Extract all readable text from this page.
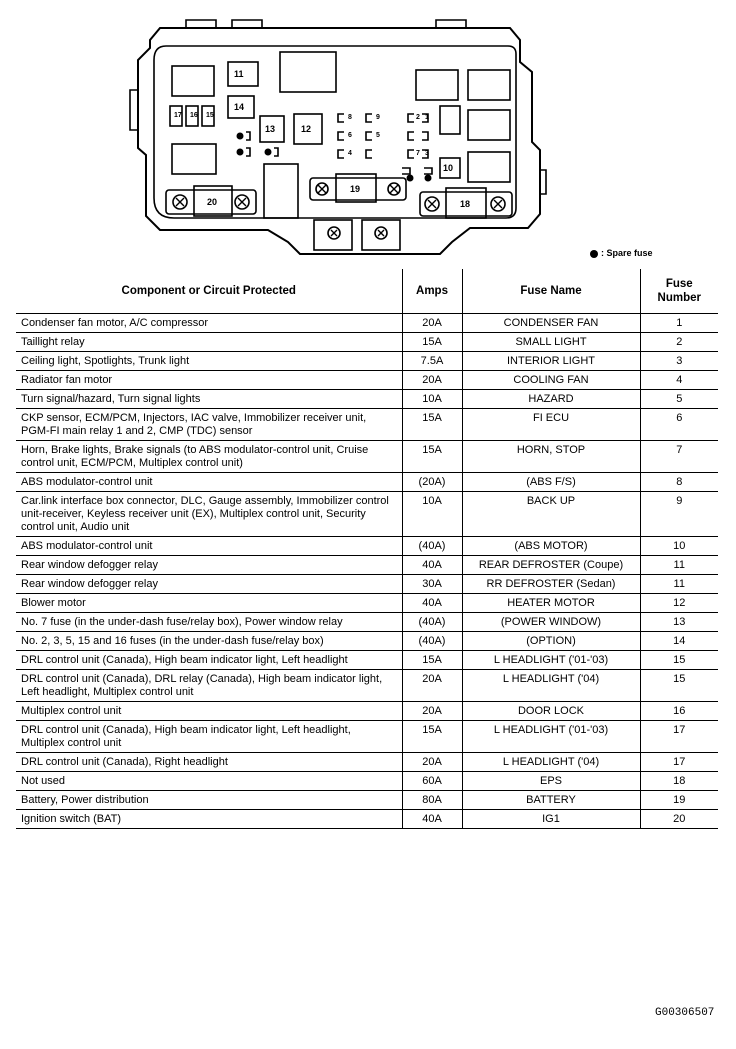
11
14
15
16
17
13	12
19
20	18
10
1
2
3
4
5
6
7
8	9
: Spare fuse
Component or Circuit Protected	Amps	Fuse Name	Fuse Number
Condenser fan motor, A/C compressor	20A	CONDENSER FAN	1
Taillight relay	15A	SMALL LIGHT	2
Ceiling light, Spotlights, Trunk light	7.5A	INTERIOR LIGHT	3
Radiator fan motor	20A	COOLING FAN	4
Turn signal/hazard, Turn signal lights	10A	HAZARD	5
CKP sensor, ECM/PCM, Injectors, IAC valve, Immobilizer receiver unit, PGM-FI main relay 1 and 2, CMP (TDC) sensor	15A	FI ECU	6
Horn, Brake lights, Brake signals (to ABS modulator-control unit, Cruise control unit, ECM/PCM, Multiplex control unit)	15A	HORN, STOP	7
ABS modulator-control unit	(20A)	(ABS F/S)	8
Car.link interface box connector, DLC, Gauge assembly, Immobilizer control unit-receiver, Keyless receiver unit (EX), Multiplex control unit, Security control unit, Audio unit	10A	BACK UP	9
ABS modulator-control unit	(40A)	(ABS MOTOR)	10
Rear window defogger relay	40A	REAR DEFROSTER (Coupe)	11
Rear window defogger relay	30A	RR DEFROSTER (Sedan)	11
Blower motor	40A	HEATER MOTOR	12
No. 7 fuse (in the under-dash fuse/relay box), Power window relay	(40A)	(POWER WINDOW)	13
No. 2, 3, 5, 15 and 16 fuses (in the under-dash fuse/relay box)	(40A)	(OPTION)	14
DRL control unit (Canada), High beam indicator light, Left headlight	15A	L HEADLIGHT ('01-'03)	15
DRL control unit (Canada), DRL relay (Canada), High beam indicator light, Left headlight, Multiplex control unit	20A	L HEADLIGHT ('04)	15
Multiplex control unit	20A	DOOR LOCK	16
DRL control unit (Canada), High beam indicator light, Left headlight, Multiplex control unit	15A	L HEADLIGHT ('01-'03)	17
DRL control unit (Canada), Right headlight	20A	L HEADLIGHT ('04)	17
Not used	60A	EPS	18
Battery, Power distribution	80A	BATTERY	19
Ignition switch (BAT)	40A	IG1	20
G00306507
